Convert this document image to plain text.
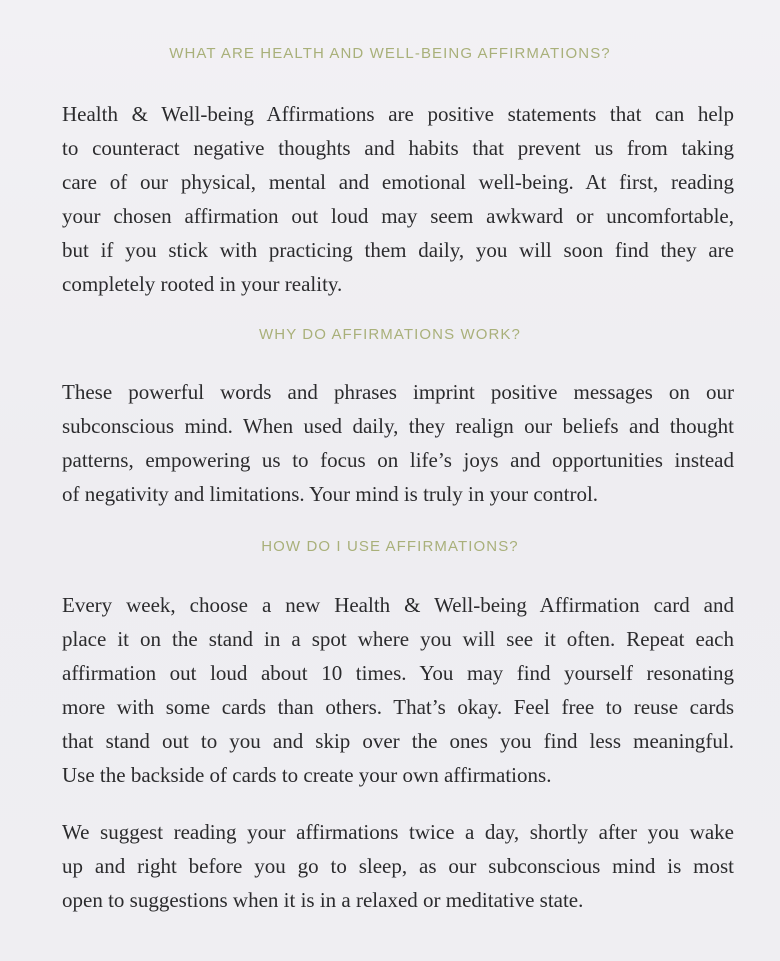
WHAT ARE HEALTH AND WELL-BEING AFFIRMATIONS?

Health & Well-being Affirmations are positive statements that can help
to counteract negative thoughts and habits that prevent us from taking
care of our physical, mental and emotional well-being. At first, reading
your chosen affirmation out loud may seem awkward or uncomfortable,
but if you stick with practicing them daily, you will soon find they are
completely rooted in your reality.

WHY DO AFFIRMATIONS WORK?

These powerful words and phrases imprint positive messages on our
subconscious mind. When used daily, they realign our beliefs and thought
patterns, empowering us to focus on life’s joys and opportunities instead
of negativity and limitations. Your mind is truly in your control.

HOW DO I USE AFFIRMATIONS?

Every week, choose a new Health & Well-being Affirmation card and
place it on the stand in a spot where you will see it often. Repeat each
affirmation out loud about 10 times. You may find yourself resonating
more with some cards than others. That’s okay. Feel free to reuse cards
that stand out to you and skip over the ones you find less meaningful.
Use the backside of cards to create your own affirmations.

We suggest reading your affirmations twice a day, shortly after you wake
up and right before you go to sleep, as our subconscious mind is most
open to suggestions when it is in a relaxed or meditative state.
